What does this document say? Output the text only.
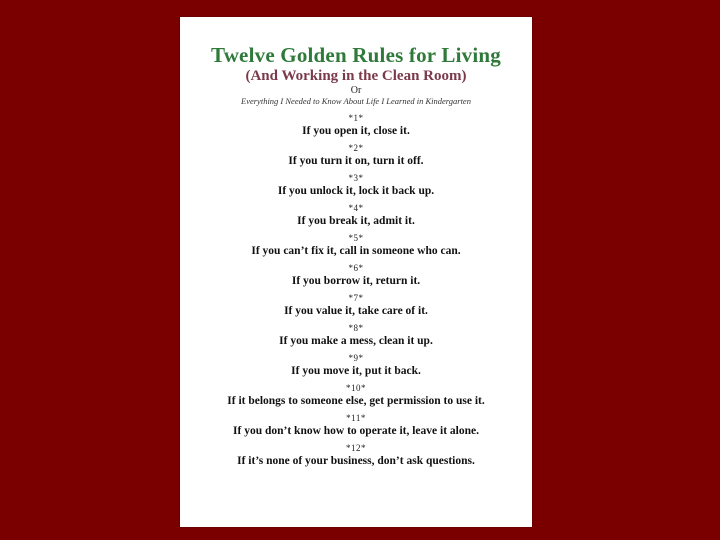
Twelve Golden Rules for Living
(And Working in the Clean Room)
Or
Everything I Needed to Know About Life I Learned in Kindergarten
*1*
If you open it, close it.
*2*
If you turn it on, turn it off.
*3*
If you unlock it, lock it back up.
*4*
If you break it, admit it.
*5*
If you can’t fix it, call in someone who can.
*6*
If you borrow it, return it.
*7*
If you value it, take care of it.
*8*
If you make a mess, clean it up.
*9*
If you move it, put it back.
*10*
If it belongs to someone else, get permission to use it.
*11*
If you don’t know how to operate it, leave it alone.
*12*
If it’s none of your business, don’t ask questions.
